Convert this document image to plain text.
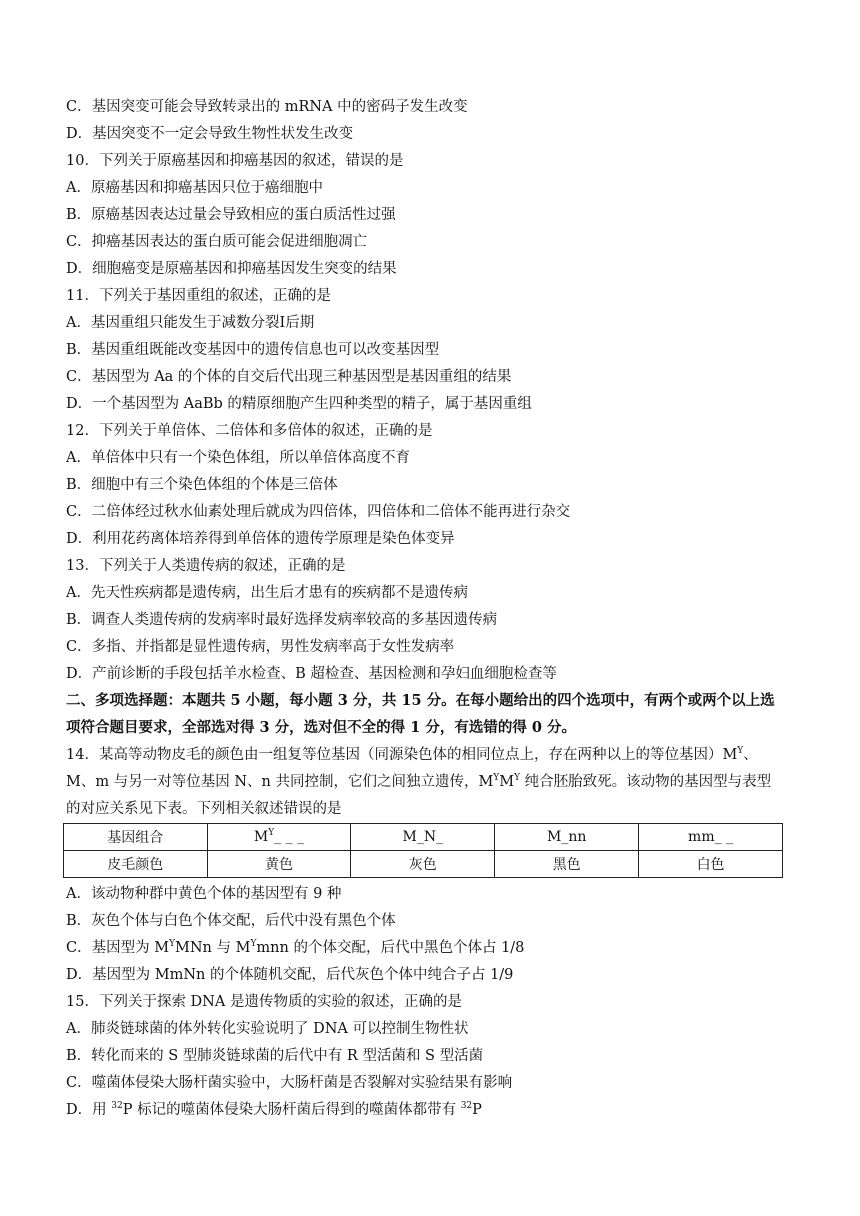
C．基因突变可能会导致转录出的 mRNA 中的密码子发生改变
D．基因突变不一定会导致生物性状发生改变
10．下列关于原癌基因和抑癌基因的叙述，错误的是
A．原癌基因和抑癌基因只位于癌细胞中
B．原癌基因表达过量会导致相应的蛋白质活性过强
C．抑癌基因表达的蛋白质可能会促进细胞凋亡
D．细胞癌变是原癌基因和抑癌基因发生突变的结果
11．下列关于基因重组的叙述，正确的是
A．基因重组只能发生于减数分裂Ⅰ后期
B．基因重组既能改变基因中的遗传信息也可以改变基因型
C．基因型为 Aa 的个体的自交后代出现三种基因型是基因重组的结果
D．一个基因型为 AaBb 的精原细胞产生四种类型的精子，属于基因重组
12．下列关于单倍体、二倍体和多倍体的叙述，正确的是
A．单倍体中只有一个染色体组，所以单倍体高度不育
B．细胞中有三个染色体组的个体是三倍体
C．二倍体经过秋水仙素处理后就成为四倍体，四倍体和二倍体不能再进行杂交
D．利用花药离体培养得到单倍体的遗传学原理是染色体变异
13．下列关于人类遗传病的叙述，正确的是
A．先天性疾病都是遗传病，出生后才患有的疾病都不是遗传病
B．调查人类遗传病的发病率时最好选择发病率较高的多基因遗传病
C．多指、并指都是显性遗传病，男性发病率高于女性发病率
D．产前诊断的手段包括羊水检查、B 超检查、基因检测和孕妇血细胞检查等
二、多项选择题：本题共 5 小题，每小题 3 分，共 15 分。在每小题给出的四个选项中，有两个或两个以上选
项符合题目要求，全部选对得 3 分，选对但不全的得 1 分，有选错的得 0 分。
14．某高等动物皮毛的颜色由一组复等位基因（同源染色体的相同位点上，存在两种以上的等位基因）$M^Y$、
M、m 与另一对等位基因 N、n 共同控制，它们之间独立遗传，$M^YM^Y$ 纯合胚胎致死。该动物的基因型与表型
的对应关系见下表。下列相关叙述错误的是
基因组合	$M^Y\_$ _ _	M_N_	M_nn	mm_ _
皮毛颜色	黄色	灰色	黑色	白色
A．该动物种群中黄色个体的基因型有 9 种
B．灰色个体与白色个体交配，后代中没有黑色个体
C．基因型为 $M^YMNn$ 与 $M^Ymnn$ 的个体交配，后代中黑色个体占 1/8
D．基因型为 MmNn 的个体随机交配，后代灰色个体中纯合子占 1/9
15．下列关于探索 DNA 是遗传物质的实验的叙述，正确的是
A．肺炎链球菌的体外转化实验说明了 DNA 可以控制生物性状
B．转化而来的 S 型肺炎链球菌的后代中有 R 型活菌和 S 型活菌
C．噬菌体侵染大肠杆菌实验中，大肠杆菌是否裂解对实验结果有影响
D．用 $^{32}$P 标记的噬菌体侵染大肠杆菌后得到的噬菌体都带有 $^{32}$P
